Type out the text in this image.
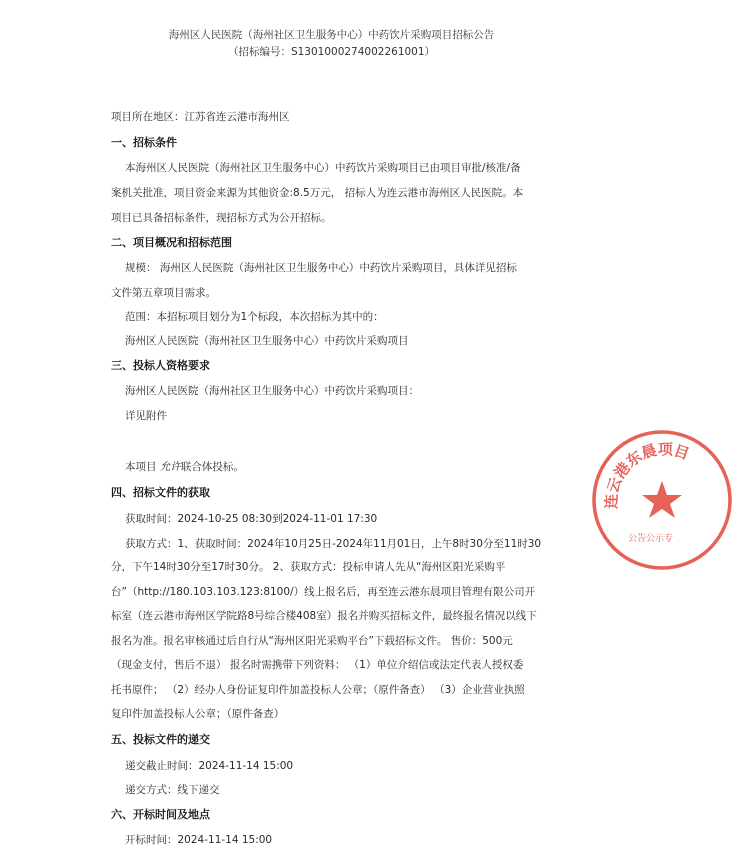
海州区人民医院（海州社区卫生服务中心）中药饮片采购项目招标公告
（招标编号：S1301000274002261001）
项目所在地区：江苏省连云港市海州区
一、招标条件
本海州区人民医院（海州社区卫生服务中心）中药饮片采购项目已由项目审批/核准/备
案机关批准，项目资金来源为其他资金:8.5万元， 招标人为连云港市海州区人民医院。本
项目已具备招标条件，现招标方式为公开招标。
二、项目概况和招标范围
规模： 海州区人民医院（海州社区卫生服务中心）中药饮片采购项目，具体详见招标
文件第五章项目需求。
范围：本招标项目划分为1个标段，本次招标为其中的：
海州区人民医院（海州社区卫生服务中心）中药饮片采购项目
三、投标人资格要求
海州区人民医院（海州社区卫生服务中心）中药饮片采购项目：
详见附件
本项目 允许联合体投标。
四、招标文件的获取
获取时间：2024-10-25 08:30到2024-11-01 17:30
获取方式：1、获取时间：2024年10月25日-2024年11月01日，上午8时30分至11时30
分，下午14时30分至17时30分。 2、获取方式：投标申请人先从“海州区阳光采购平
台”（http://180.103.103.123:8100/）线上报名后，再至连云港东晨项目管理有限公司开
标室（连云港市海州区学院路8号综合楼408室）报名并购买招标文件，最终报名情况以线下
报名为准。报名审核通过后自行从“海州区阳光采购平台”下载招标文件。 售价：500元
（现金支付，售后不退） 报名时需携带下列资料： （1）单位介绍信或法定代表人授权委
托书原件； （2）经办人身份证复印件加盖投标人公章；（原件备查） （3）企业营业执照
复印件加盖投标人公章；（原件备查）
五、投标文件的递交
递交截止时间：2024-11-14 15:00
递交方式：线下递交
六、开标时间及地点
开标时间：2024-11-14 15:00
连云港东晨项目
公告公示专
